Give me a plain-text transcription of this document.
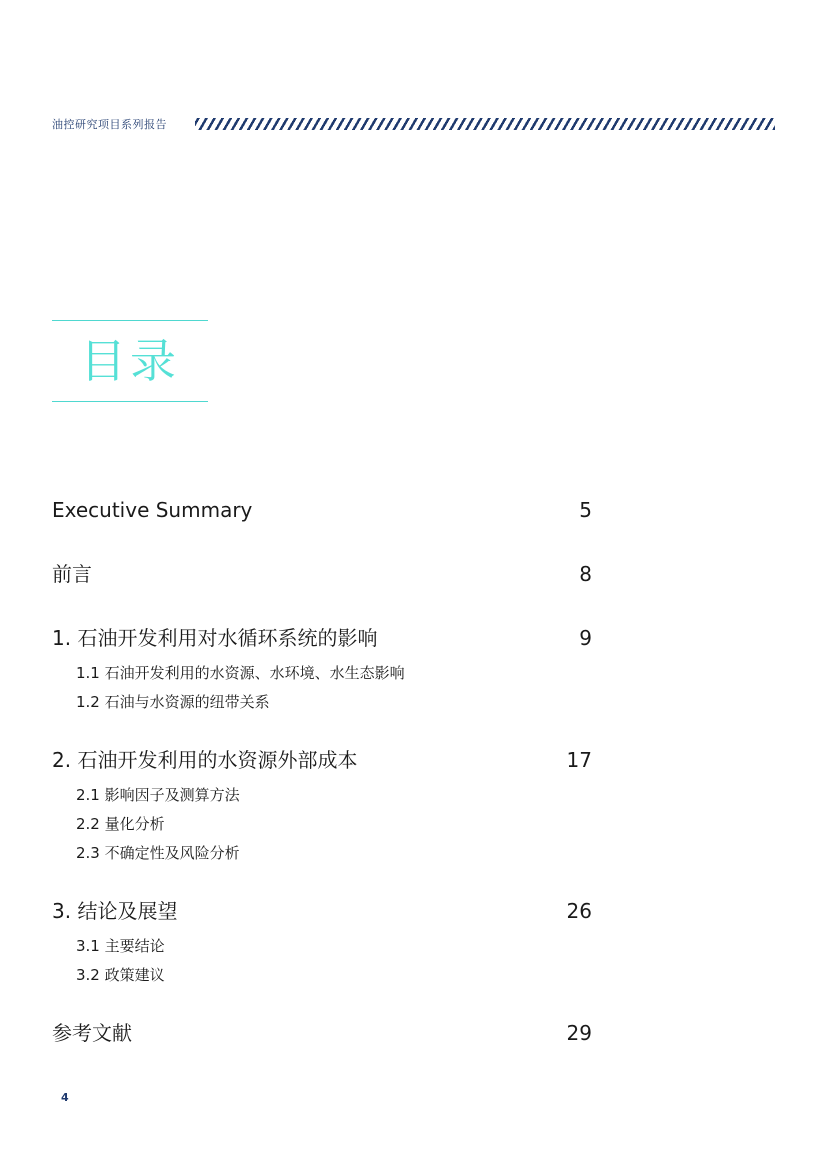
油控研究项目系列报告
目录
Executive Summary	5
前言	8
1. 石油开发利用对水循环系统的影响	9
1.1 石油开发利用的水资源、水环境、水生态影响
1.2 石油与水资源的纽带关系
2. 石油开发利用的水资源外部成本	17
2.1 影响因子及测算方法
2.2 量化分析
2.3 不确定性及风险分析
3. 结论及展望	26
3.1 主要结论
3.2 政策建议
参考文献	29
4
